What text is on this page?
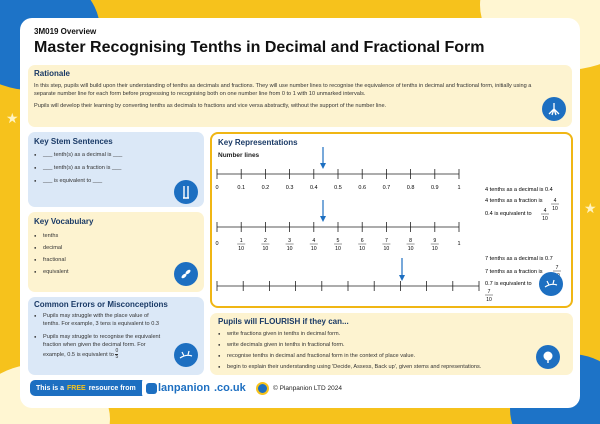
★
★
3M019 Overview
Master Recognising Tenths in Decimal and Fractional Form
Rationale
In this step, pupils will build upon their understanding of tenths as decimals and fractions. They will use number lines to recognise the equivalence of tenths in decimal and fractional form, initially using a separate number line for each form before progressing to recognising both on one number line from 0 to 1 with 10 unmarked intervals.
Pupils will develop their learning by converting tenths as decimals to fractions and vice versa abstractly, without the support of the number line.
Key Stem Sentences
● ___ tenth(s) as a decimal is ___
● ___ tenth(s) as a fraction is ___
● ___ is equivalent to ___
Key Vocabulary
● tenths
● decimal
● fractional
● equivalent
Common Errors or Misconceptions
● Pupils may struggle with the place value of tenths. For example, 3 tens is equivalent to 0.3
● Pupils may struggle to recognise the equivalent fraction when given the decimal form. For example, 0.5 is equivalent to $\frac{0}{5}$
Key Representations
Number lines
0	0.1	0.2	0.3	0.4	0.5	0.6	0.7	0.8	0.9	1
1
10
2
10
3
10
4
10
5
10
6
10
7
10
8
10
9
10
0	1
4 tenths as a decimal is 0.4
4 tenths as a fraction is 4
10
0.4 is equivalent to 4
10
7 tenths as a decimal is 0.7
7 tenths as a fraction is
7
0.7 is equivalent to
7
10
Pupils will FLOURISH if they can...
● write fractions given in tenths in decimal form.
● write decimals given in tenths in fractional form.
● recognise tenths in decimal and fractional form in the context of place value.
● begin to explain their understanding using 'Decide, Assess, Back up', given stems and representations.
This is a FREE resource from lanpanion .co.uk	© Planpanion LTD 2024
